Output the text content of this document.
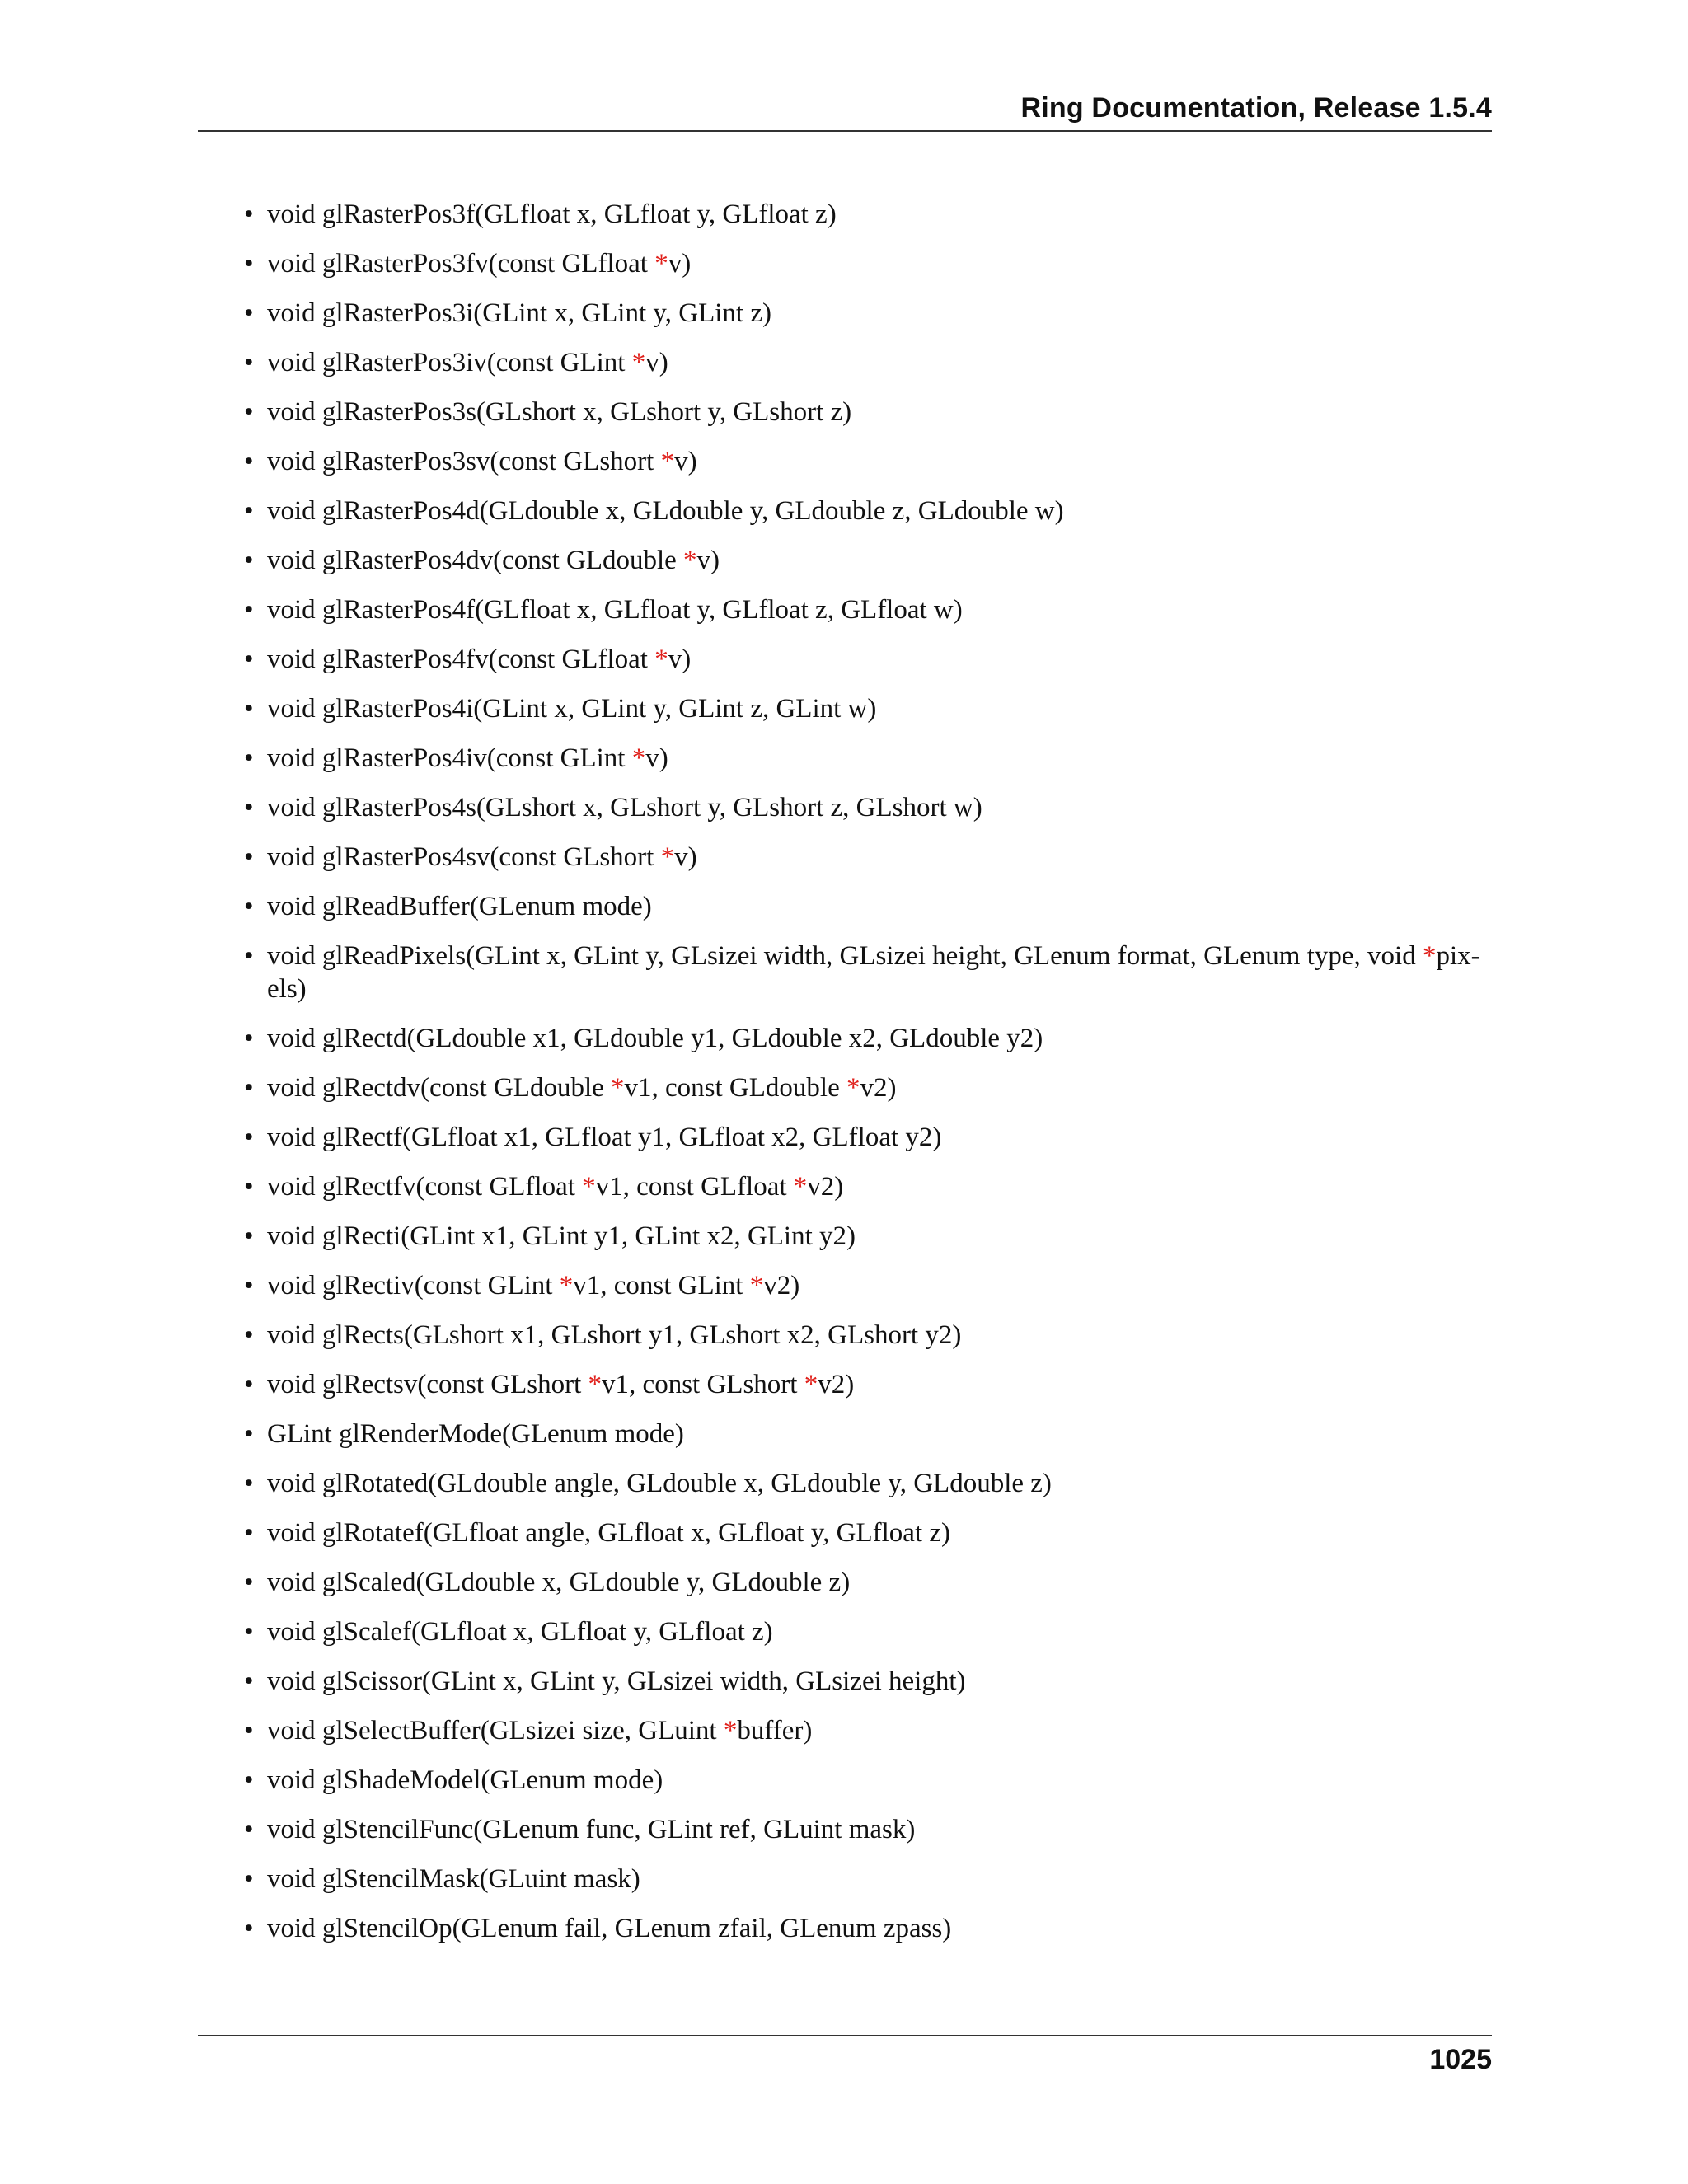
Ring Documentation, Release 1.5.4
• void glRasterPos3f(GLfloat x, GLfloat y, GLfloat z)
• void glRasterPos3fv(const GLfloat *v)
• void glRasterPos3i(GLint x, GLint y, GLint z)
• void glRasterPos3iv(const GLint *v)
• void glRasterPos3s(GLshort x, GLshort y, GLshort z)
• void glRasterPos3sv(const GLshort *v)
• void glRasterPos4d(GLdouble x, GLdouble y, GLdouble z, GLdouble w)
• void glRasterPos4dv(const GLdouble *v)
• void glRasterPos4f(GLfloat x, GLfloat y, GLfloat z, GLfloat w)
• void glRasterPos4fv(const GLfloat *v)
• void glRasterPos4i(GLint x, GLint y, GLint z, GLint w)
• void glRasterPos4iv(const GLint *v)
• void glRasterPos4s(GLshort x, GLshort y, GLshort z, GLshort w)
• void glRasterPos4sv(const GLshort *v)
• void glReadBuffer(GLenum mode)
• void glReadPixels(GLint x, GLint y, GLsizei width, GLsizei height, GLenum format, GLenum type, void *pix-
els)
• void glRectd(GLdouble x1, GLdouble y1, GLdouble x2, GLdouble y2)
• void glRectdv(const GLdouble *v1, const GLdouble *v2)
• void glRectf(GLfloat x1, GLfloat y1, GLfloat x2, GLfloat y2)
• void glRectfv(const GLfloat *v1, const GLfloat *v2)
• void glRecti(GLint x1, GLint y1, GLint x2, GLint y2)
• void glRectiv(const GLint *v1, const GLint *v2)
• void glRects(GLshort x1, GLshort y1, GLshort x2, GLshort y2)
• void glRectsv(const GLshort *v1, const GLshort *v2)
• GLint glRenderMode(GLenum mode)
• void glRotated(GLdouble angle, GLdouble x, GLdouble y, GLdouble z)
• void glRotatef(GLfloat angle, GLfloat x, GLfloat y, GLfloat z)
• void glScaled(GLdouble x, GLdouble y, GLdouble z)
• void glScalef(GLfloat x, GLfloat y, GLfloat z)
• void glScissor(GLint x, GLint y, GLsizei width, GLsizei height)
• void glSelectBuffer(GLsizei size, GLuint *buffer)
• void glShadeModel(GLenum mode)
• void glStencilFunc(GLenum func, GLint ref, GLuint mask)
• void glStencilMask(GLuint mask)
• void glStencilOp(GLenum fail, GLenum zfail, GLenum zpass)
1025
